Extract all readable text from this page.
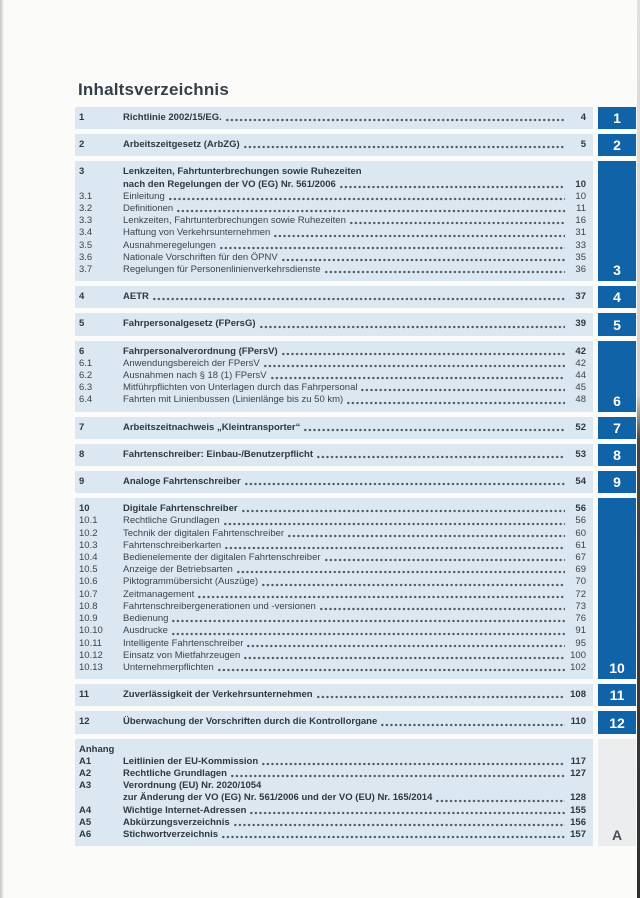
Inhaltsverzeichnis
1	Richtlinie 2002/15/EG.	4	1
2	Arbeitszeitgesetz (ArbZG)	5	2
3	Lenkzeiten, Fahrtunterbrechungen sowie Ruhezeiten
nach den Regelungen der VO (EG) Nr. 561/2006	10
3.1	Einleitung	10
3.2	Definitionen	11
3.3	Lenkzeiten, Fahrtunterbrechungen sowie Ruhezeiten	16
3.4	Haftung von Verkehrsunternehmen	31
3.5	Ausnahmeregelungen	33
3.6	Nationale Vorschriften für den ÖPNV	35
3.7	Regelungen für Personenlinienverkehrsdienste	36	3
4	AETR	37	4
5	Fahrpersonalgesetz (FPersG)	39	5
6	Fahrpersonalverordnung (FPersV)	42
6.1	Anwendungsbereich der FPersV	42
6.2	Ausnahmen nach § 18 (1) FPersV	44
6.3	Mitführpflichten von Unterlagen durch das Fahrpersonal	45
6.4	Fahrten mit Linienbussen (Linienlänge bis zu 50 km)	48	6
7	Arbeitszeitnachweis „Kleintransporter“	52	7
8	Fahrtenschreiber: Einbau-/Benutzerpflicht	53	8
9	Analoge Fahrtenschreiber	54	9
10	Digitale Fahrtenschreiber	56
10.1	Rechtliche Grundlagen	56
10.2	Technik der digitalen Fahrtenschreiber	60
10.3	Fahrtenschreiberkarten	61
10.4	Bedienelemente der digitalen Fahrtenschreiber	67
10.5	Anzeige der Betriebsarten	69
10.6	Piktogrammübersicht (Auszüge)	70
10.7	Zeitmanagement	72
10.8	Fahrtenschreibergenerationen und -versionen	73
10.9	Bedienung	76
10.10	Ausdrucke	91
10.11	Intelligente Fahrtenschreiber	95
10.12	Einsatz von Mietfahrzeugen	100
10.13	Unternehmerpflichten	102	10
11	Zuverlässigkeit der Verkehrsunternehmen	108	11
12	Überwachung der Vorschriften durch die Kontrollorgane	110	12
Anhang
A1	Leitlinien der EU-Kommission	117
A2	Rechtliche Grundlagen	127
A3	Verordnung (EU) Nr. 2020/1054
zur Änderung der VO (EG) Nr. 561/2006 und der VO (EU) Nr. 165/2014	128
A4	Wichtige Internet-Adressen	155
A5	Abkürzungsverzeichnis	156
A6	Stichwortverzeichnis	157	A
